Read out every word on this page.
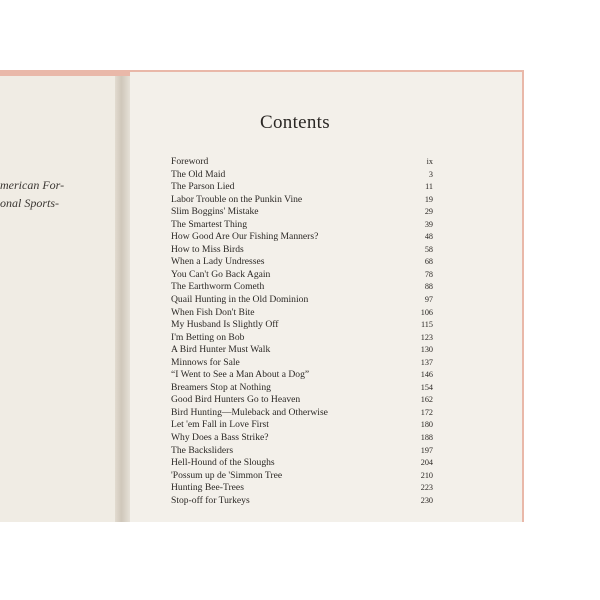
merican For-
onal Sports-
Contents
Foreword	ix
The Old Maid	3
The Parson Lied	11
Labor Trouble on the Punkin Vine	19
Slim Boggins' Mistake	29
The Smartest Thing	39
How Good Are Our Fishing Manners?	48
How to Miss Birds	58
When a Lady Undresses	68
You Can't Go Back Again	78
The Earthworm Cometh	88
Quail Hunting in the Old Dominion	97
When Fish Don't Bite	106
My Husband Is Slightly Off	115
I'm Betting on Bob	123
A Bird Hunter Must Walk	130
Minnows for Sale	137
“I Went to See a Man About a Dog”	146
Breamers Stop at Nothing	154
Good Bird Hunters Go to Heaven	162
Bird Hunting—Muleback and Otherwise	172
Let 'em Fall in Love First	180
Why Does a Bass Strike?	188
The Backsliders	197
Hell-Hound of the Sloughs	204
'Possum up de 'Simmon Tree	210
Hunting Bee-Trees	223
Stop-off for Turkeys	230
